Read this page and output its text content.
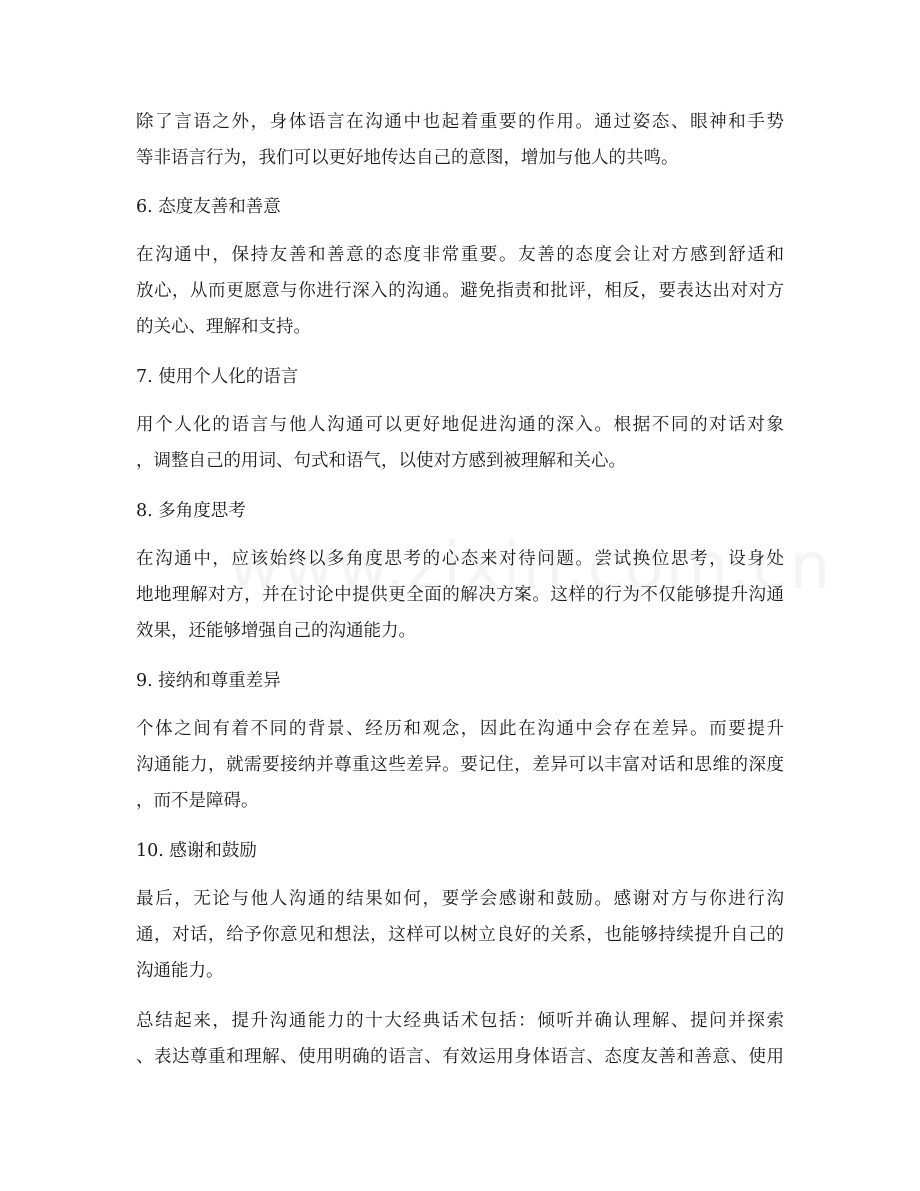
除了言语之外，身体语言在沟通中也起着重要的作用。通过姿态、眼神和手势
等非语言行为，我们可以更好地传达自己的意图，增加与他人的共鸣。
6. 态度友善和善意
在沟通中，保持友善和善意的态度非常重要。友善的态度会让对方感到舒适和
放心，从而更愿意与你进行深入的沟通。避免指责和批评，相反，要表达出对对方
的关心、理解和支持。
7. 使用个人化的语言
用个人化的语言与他人沟通可以更好地促进沟通的深入。根据不同的对话对象
，调整自己的用词、句式和语气，以使对方感到被理解和关心。
8. 多角度思考
在沟通中，应该始终以多角度思考的心态来对待问题。尝试换位思考，设身处
地地理解对方，并在讨论中提供更全面的解决方案。这样的行为不仅能够提升沟通
效果，还能够增强自己的沟通能力。
9. 接纳和尊重差异
个体之间有着不同的背景、经历和观念，因此在沟通中会存在差异。而要提升
沟通能力，就需要接纳并尊重这些差异。要记住，差异可以丰富对话和思维的深度
，而不是障碍。
10. 感谢和鼓励
最后，无论与他人沟通的结果如何，要学会感谢和鼓励。感谢对方与你进行沟
通，对话，给予你意见和想法，这样可以树立良好的关系，也能够持续提升自己的
沟通能力。
总结起来，提升沟通能力的十大经典话术包括：倾听并确认理解、提问并探索
、表达尊重和理解、使用明确的语言、有效运用身体语言、态度友善和善意、使用
